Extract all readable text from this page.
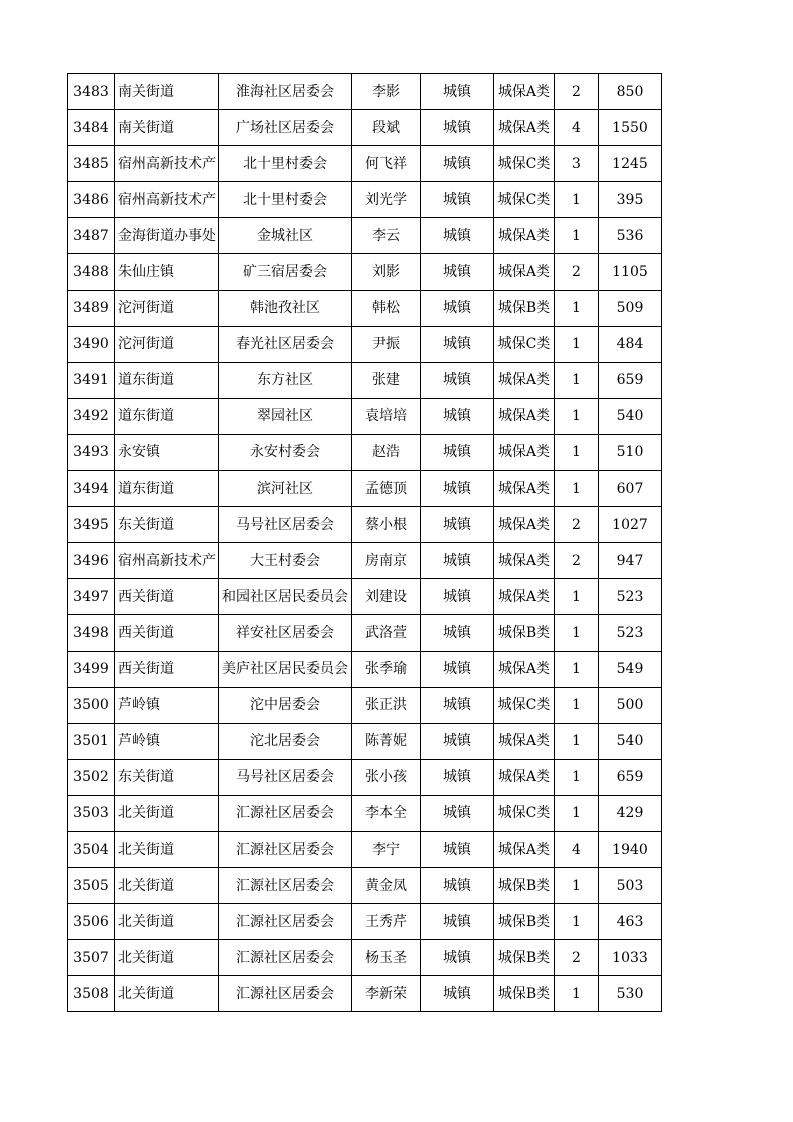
3483	南关街道	淮海社区居委会	李影	城镇	城保A类	2	850
3484	南关街道	广场社区居委会	段斌	城镇	城保A类	4	1550
3485	宿州高新技术产	北十里村委会	何飞祥	城镇	城保C类	3	1245
3486	宿州高新技术产	北十里村委会	刘光学	城镇	城保C类	1	395
3487	金海街道办事处	金城社区	李云	城镇	城保A类	1	536
3488	朱仙庄镇	矿三宿居委会	刘影	城镇	城保A类	2	1105
3489	沱河街道	韩池孜社区	韩松	城镇	城保B类	1	509
3490	沱河街道	春光社区居委会	尹振	城镇	城保C类	1	484
3491	道东街道	东方社区	张建	城镇	城保A类	1	659
3492	道东街道	翠园社区	袁培培	城镇	城保A类	1	540
3493	永安镇	永安村委会	赵浩	城镇	城保A类	1	510
3494	道东街道	滨河社区	孟德顶	城镇	城保A类	1	607
3495	东关街道	马号社区居委会	蔡小根	城镇	城保A类	2	1027
3496	宿州高新技术产	大王村委会	房南京	城镇	城保A类	2	947
3497	西关街道	和园社区居民委员会	刘建设	城镇	城保A类	1	523
3498	西关街道	祥安社区居委会	武洛萱	城镇	城保B类	1	523
3499	西关街道	美庐社区居民委员会	张季瑜	城镇	城保A类	1	549
3500	芦岭镇	沱中居委会	张正洪	城镇	城保C类	1	500
3501	芦岭镇	沱北居委会	陈菁妮	城镇	城保A类	1	540
3502	东关街道	马号社区居委会	张小孩	城镇	城保A类	1	659
3503	北关街道	汇源社区居委会	李本全	城镇	城保C类	1	429
3504	北关街道	汇源社区居委会	李宁	城镇	城保A类	4	1940
3505	北关街道	汇源社区居委会	黄金凤	城镇	城保B类	1	503
3506	北关街道	汇源社区居委会	王秀芹	城镇	城保B类	1	463
3507	北关街道	汇源社区居委会	杨玉圣	城镇	城保B类	2	1033
3508	北关街道	汇源社区居委会	李新荣	城镇	城保B类	1	530
